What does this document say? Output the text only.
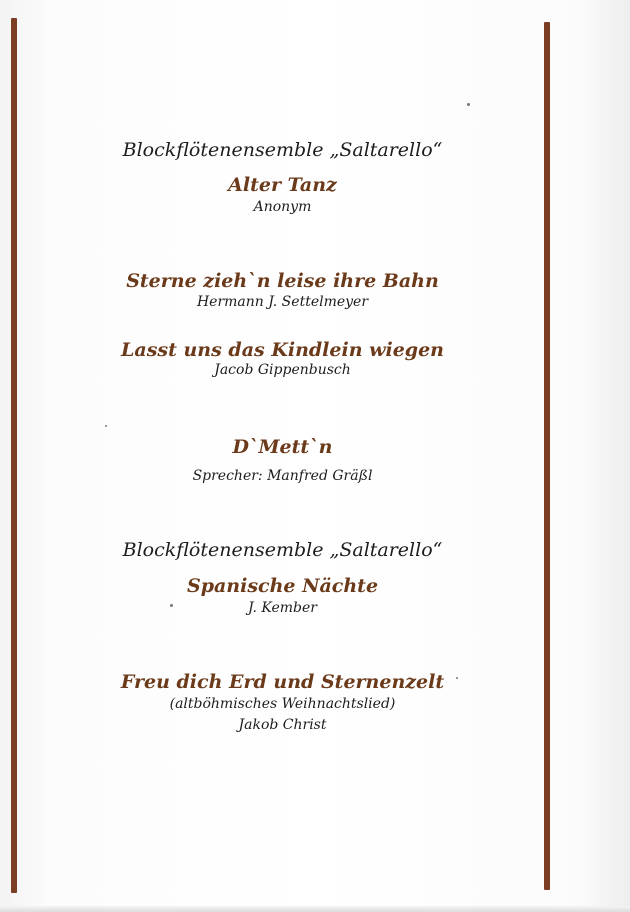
Blockflötenensemble „Saltarello“
Alter Tanz
Anonym
Sterne zieh`n leise ihre Bahn
Hermann J. Settelmeyer
Lasst uns das Kindlein wiegen
Jacob Gippenbusch
D`Mett`n
Sprecher: Manfred Gräßl
Blockflötenensemble „Saltarello“
Spanische Nächte
J. Kember
Freu dich Erd und Sternenzelt
(altböhmisches Weihnachtslied)
Jakob Christ
